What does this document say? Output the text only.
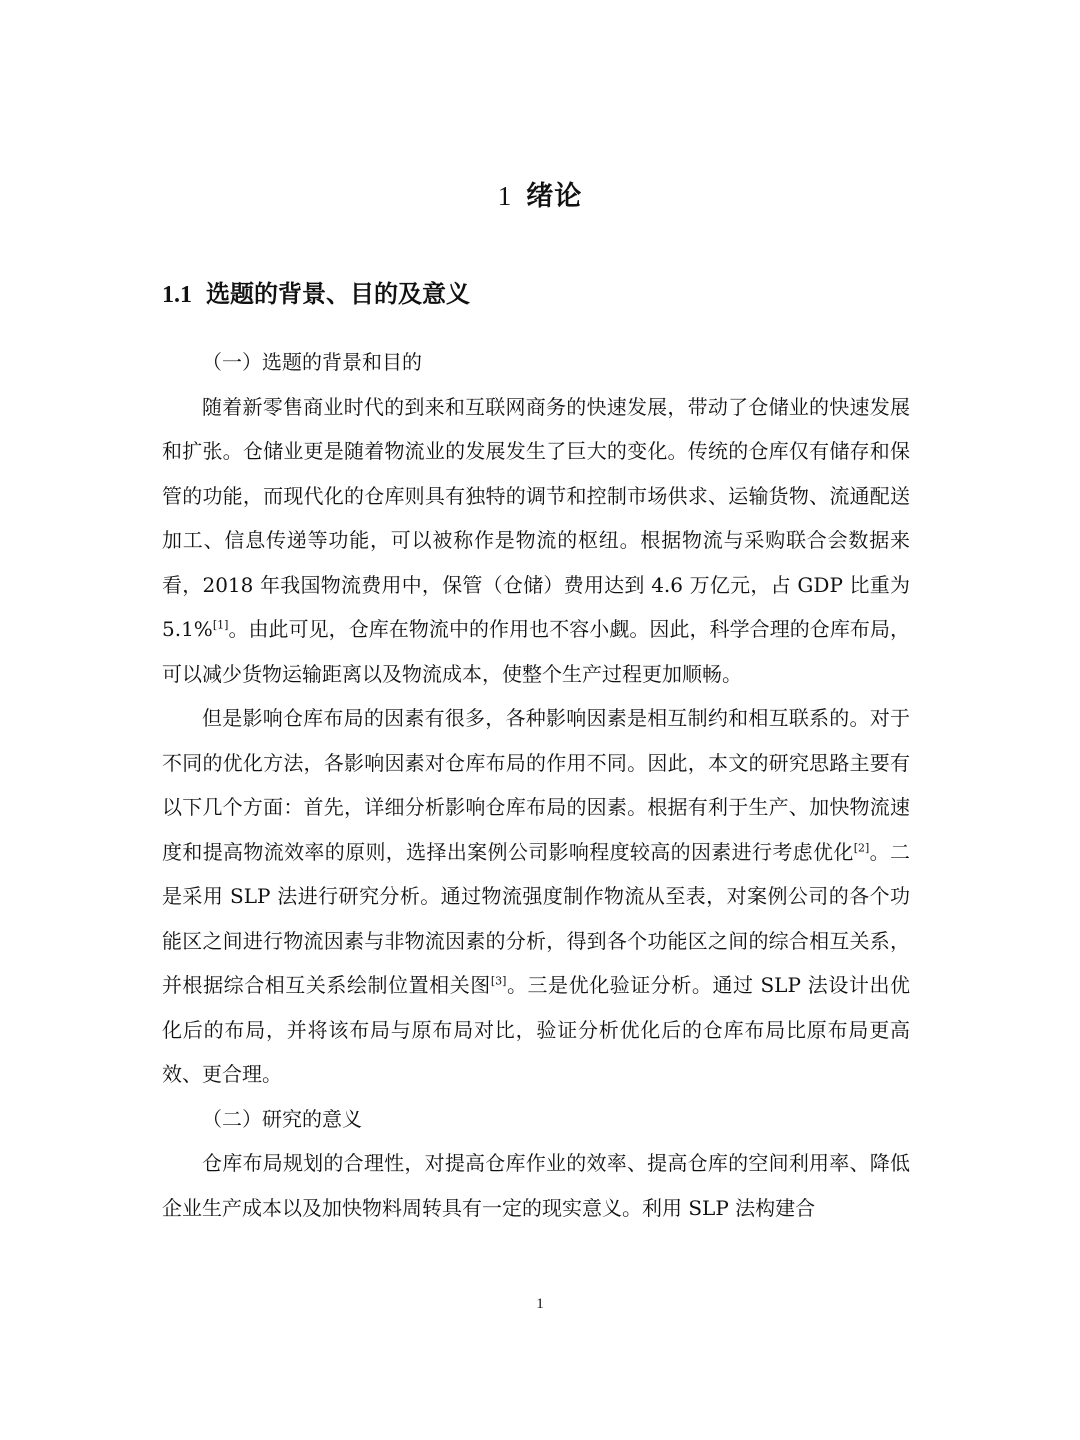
1 绪论
1.1 选题的背景、目的及意义

（一）选题的背景和目的

随着新零售商业时代的到来和互联网商务的快速发展，带动了仓储业的快速发展和扩张。仓储业更是随着物流业的发展发生了巨大的变化。传统的仓库仅有储存和保管的功能，而现代化的仓库则具有独特的调节和控制市场供求、运输货物、流通配送加工、信息传递等功能，可以被称作是物流的枢纽。根据物流与采购联合会数据来看，2018 年我国物流费用中，保管（仓储）费用达到 4.6 万亿元，占 GDP 比重为 5.1%[1]。由此可见，仓库在物流中的作用也不容小觑。因此，科学合理的仓库布局，可以减少货物运输距离以及物流成本，使整个生产过程更加顺畅。

但是影响仓库布局的因素有很多，各种影响因素是相互制约和相互联系的。对于不同的优化方法，各影响因素对仓库布局的作用不同。因此，本文的研究思路主要有以下几个方面：首先，详细分析影响仓库布局的因素。根据有利于生产、加快物流速度和提高物流效率的原则，选择出案例公司影响程度较高的因素进行考虑优化[2]。二是采用 SLP 法进行研究分析。通过物流强度制作物流从至表，对案例公司的各个功能区之间进行物流因素与非物流因素的分析，得到各个功能区之间的综合相互关系，并根据综合相互关系绘制位置相关图[3]。三是优化验证分析。通过 SLP 法设计出优化后的布局，并将该布局与原布局对比，验证分析优化后的仓库布局比原布局更高效、更合理。

（二）研究的意义

仓库布局规划的合理性，对提高仓库作业的效率、提高仓库的空间利用率、降低企业生产成本以及加快物料周转具有一定的现实意义。利用 SLP 法构建合

1
